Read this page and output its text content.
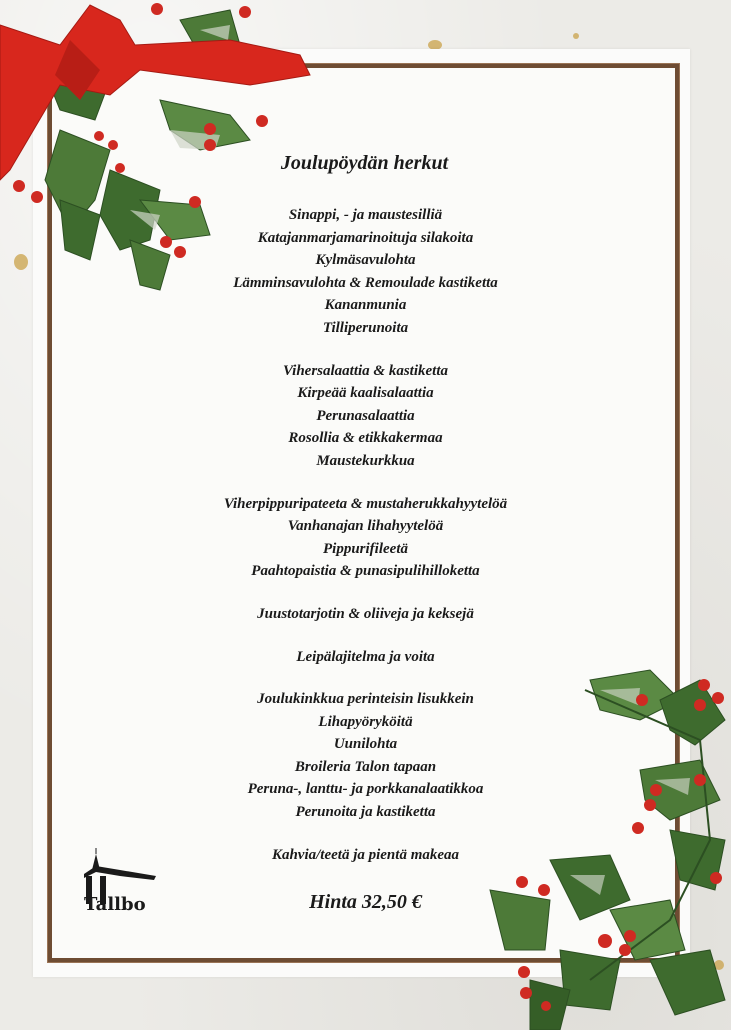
Joulupöydän herkut
Sinappi, - ja maustesilliä
Katajanmarjamarinoituja silakoita
Kylmäsavulohta
Lämminsavulohta & Remoulade kastiketta
Kananmunia
Tilliperunoita
Vihersalaattia & kastiketta
Kirpeää kaalisalaattia
Perunasalaattia
Rosollia & etikkakermaa
Maustekurkkua
Viherpippuripateeta & mustaherukkahyytelöä
Vanhanajan lihahyytelöä
Pippurifileetä
Paahtopaistia & punasipulihilloketta
Juustotarjotin & oliiveja ja keksejä
Leipälajitelma ja voita
Joulukinkkua perinteisin lisukkein
Lihapyöryköitä
Uunilohta
Broileria Talon tapaan
Peruna-, lanttu- ja porkkanalaatikkoa
Perunoita ja kastiketta
Kahvia/teetä ja pientä makeaa
Hinta 32,50 €
Tallbo
